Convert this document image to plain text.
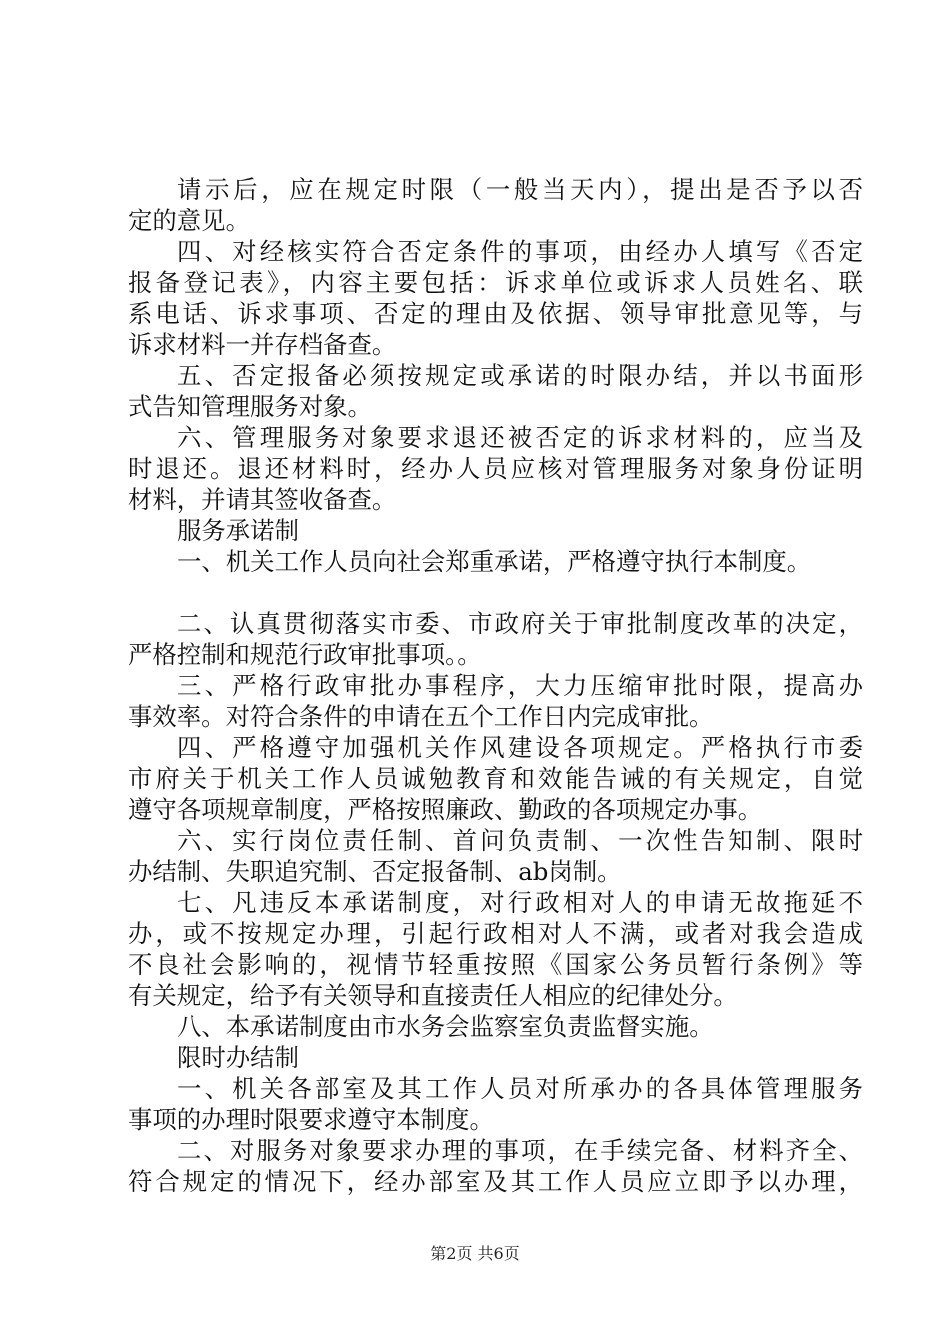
请示后，应在规定时限（一般当天内），提出是否予以否
定的意见。
四、对经核实符合否定条件的事项，由经办人填写《否定
报备登记表》，内容主要包括：诉求单位或诉求人员姓名、联
系电话、诉求事项、否定的理由及依据、领导审批意见等，与
诉求材料一并存档备查。
五、否定报备必须按规定或承诺的时限办结，并以书面形
式告知管理服务对象。
六、管理服务对象要求退还被否定的诉求材料的，应当及
时退还。退还材料时，经办人员应核对管理服务对象身份证明
材料，并请其签收备查。
服务承诺制
一、机关工作人员向社会郑重承诺，严格遵守执行本制度。
二、认真贯彻落实市委、市政府关于审批制度改革的决定，
严格控制和规范行政审批事项。。
三、严格行政审批办事程序，大力压缩审批时限，提高办
事效率。对符合条件的申请在五个工作日内完成审批。
四、严格遵守加强机关作风建设各项规定。严格执行市委
市府关于机关工作人员诚勉教育和效能告诫的有关规定，自觉
遵守各项规章制度，严格按照廉政、勤政的各项规定办事。
六、实行岗位责任制、首问负责制、一次性告知制、限时
办结制、失职追究制、否定报备制、ab岗制。
七、凡违反本承诺制度，对行政相对人的申请无故拖延不
办，或不按规定办理，引起行政相对人不满，或者对我会造成
不良社会影响的，视情节轻重按照《国家公务员暂行条例》等
有关规定，给予有关领导和直接责任人相应的纪律处分。
八、本承诺制度由市水务会监察室负责监督实施。
限时办结制
一、机关各部室及其工作人员对所承办的各具体管理服务
事项的办理时限要求遵守本制度。
二、对服务对象要求办理的事项，在手续完备、材料齐全、
符合规定的情况下，经办部室及其工作人员应立即予以办理，
第2页 共6页
